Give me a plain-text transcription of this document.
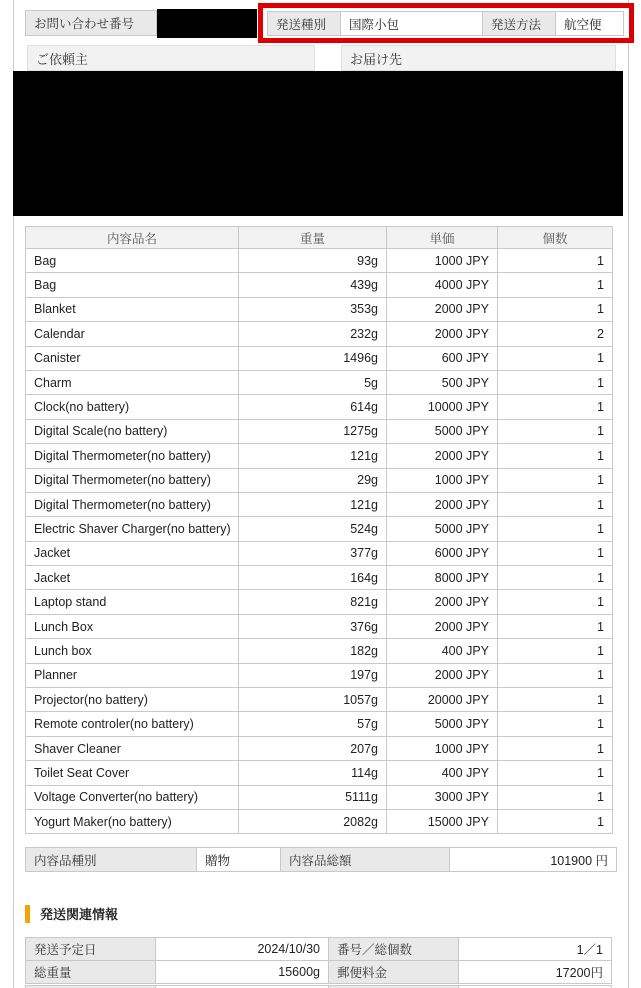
お問い合わせ番号	発送種別	国際小包	発送方法	航空便
ご依頼主	お届け先
内容品名	重量	単価	個数
Bag	93g	1000 JPY	1
Bag	439g	4000 JPY	1
Blanket	353g	2000 JPY	1
Calendar	232g	2000 JPY	2
Canister	1496g	600 JPY	1
Charm	5g	500 JPY	1
Clock(no battery)	614g	10000 JPY	1
Digital Scale(no battery)	1275g	5000 JPY	1
Digital Thermometer(no battery)	121g	2000 JPY	1
Digital Thermometer(no battery)	29g	1000 JPY	1
Digital Thermometer(no battery)	121g	2000 JPY	1
Electric Shaver Charger(no battery)	524g	5000 JPY	1
Jacket	377g	6000 JPY	1
Jacket	164g	8000 JPY	1
Laptop stand	821g	2000 JPY	1
Lunch Box	376g	2000 JPY	1
Lunch box	182g	400 JPY	1
Planner	197g	2000 JPY	1
Projector(no battery)	1057g	20000 JPY	1
Remote controler(no battery)	57g	5000 JPY	1
Shaver Cleaner	207g	1000 JPY	1
Toilet Seat Cover	114g	400 JPY	1
Voltage Converter(no battery)	5111g	3000 JPY	1
Yogurt Maker(no battery)	2082g	15000 JPY	1
内容品種別	贈物	内容品総額	101900 円
発送関連情報
発送予定日	2024/10/30	番号／総個数	1／1
総重量	15600g	郵便料金	17200円
